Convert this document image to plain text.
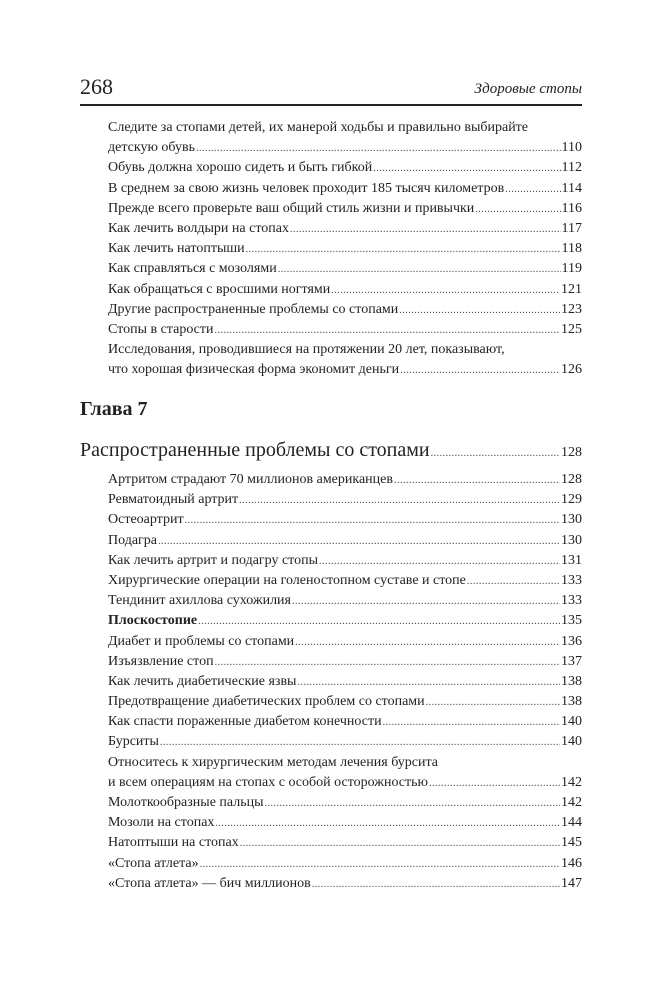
268	Здоровые стопы
Следите за стопами детей, их манерой ходьбы и правильно выбирайте
детскую обувь .....	110
Обувь должна хорошо сидеть и быть гибкой .....	112
В среднем за свою жизнь человек проходит 185 тысяч километров .....	114
Прежде всего проверьте ваш общий стиль жизни и привычки .....	116
Как лечить волдыри на стопах .....	117
Как лечить натоптыши .....	118
Как справляться с мозолями .....	119
Как обращаться с вросшими ногтями .....	121
Другие распространенные проблемы со стопами .....	123
Стопы в старости .....	125
Исследования, проводившиеся на протяжении 20 лет, показывают,
что хорошая физическая форма экономит деньги .....	126
Глава 7
Распространенные проблемы со стопами .....	128
Артритом страдают 70 миллионов американцев .....	128
Ревматоидный артрит .....	129
Остеоартрит .....	130
Подагра .....	130
Как лечить артрит и подагру стопы .....	131
Хирургические операции на голеностопном суставе и стопе .....	133
Тендинит ахиллова сухожилия .....	133
Плоскостопие .....	135
Диабет и проблемы со стопами .....	136
Изъязвление стоп .....	137
Как лечить диабетические язвы .....	138
Предотвращение диабетических проблем со стопами .....	138
Как спасти пораженные диабетом конечности .....	140
Бурситы .....	140
Относитесь к хирургическим методам лечения бурсита
и всем операциям на стопах с особой осторожностью .....	142
Молоткообразные пальцы .....	142
Мозоли на стопах .....	144
Натоптыши на стопах .....	145
«Стопа атлета» .....	146
«Стопа атлета» — бич миллионов .....	147
